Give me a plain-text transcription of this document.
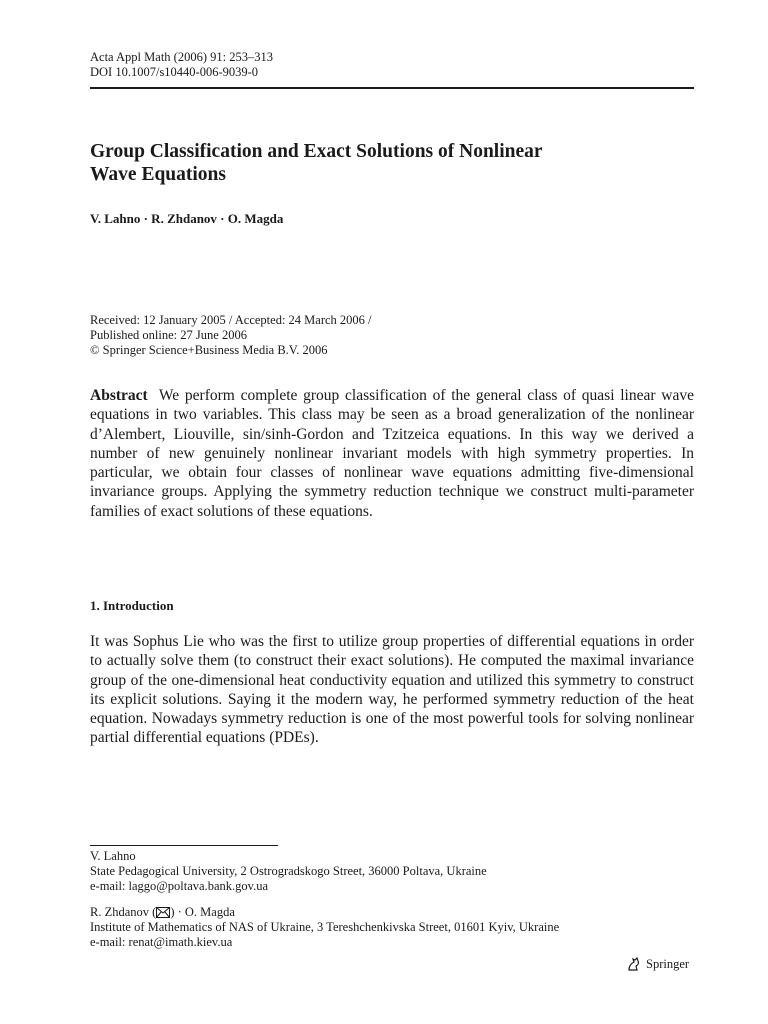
Acta Appl Math (2006) 91: 253–313
DOI 10.1007/s10440-006-9039-0
Group Classification and Exact Solutions of Nonlinear
Wave Equations
V. Lahno · R. Zhdanov · O. Magda
Received: 12 January 2005 / Accepted: 24 March 2006 /
Published online: 27 June 2006
© Springer Science+Business Media B.V. 2006

Abstract We perform complete group classification of the general class of quasi linear wave equations in two variables. This class may be seen as a broad generalization of the nonlinear d’Alembert, Liouville, sin/sinh-Gordon and Tzitzeica equations. In this way we derived a number of new genuinely nonlinear invariant models with high symmetry properties. In particular, we obtain four classes of nonlinear wave equations admitting five-dimensional invariance groups. Applying the symmetry reduction technique we construct multi-parameter families of exact solutions of these equations.

1. Introduction

It was Sophus Lie who was the first to utilize group properties of differential equations in order to actually solve them (to construct their exact solutions). He computed the maximal invariance group of the one-dimensional heat conductivity equation and utilized this symmetry to construct its explicit solutions. Saying it the modern way, he performed symmetry reduction of the heat equation. Nowadays symmetry reduction is one of the most powerful tools for solving nonlinear partial differential equations (PDEs).

V. Lahno
State Pedagogical University, 2 Ostrogradskogo Street, 36000 Poltava, Ukraine
e-mail: laggo@poltava.bank.gov.ua
R. Zhdanov ( ) · O. Magda
Institute of Mathematics of NAS of Ukraine, 3 Tereshchenkivska Street, 01601 Kyiv, Ukraine
e-mail: renat@imath.kiev.ua
Springer
